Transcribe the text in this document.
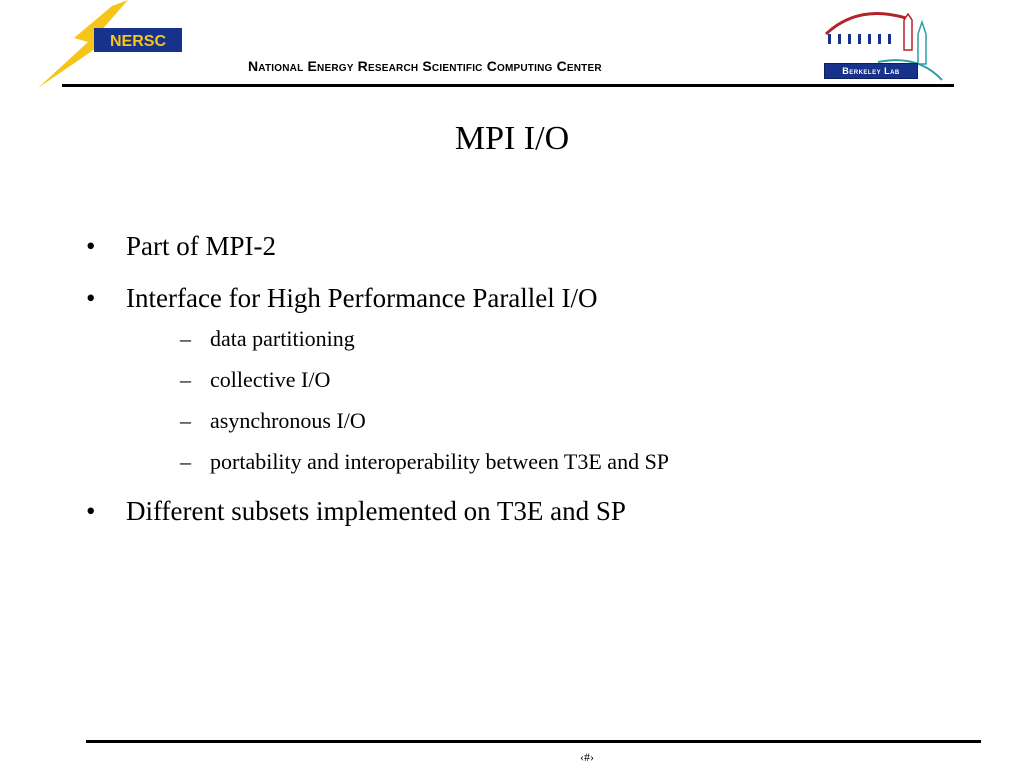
NERSC
National Energy Research Scientific Computing Center	Berkeley Lab
MPI I/O
• Part of MPI-2
• Interface for High Performance Parallel I/O
– data partitioning
– collective I/O
– asynchronous I/O
– portability and interoperability between T3E and SP
• Different subsets implemented on T3E and SP
‹#›
